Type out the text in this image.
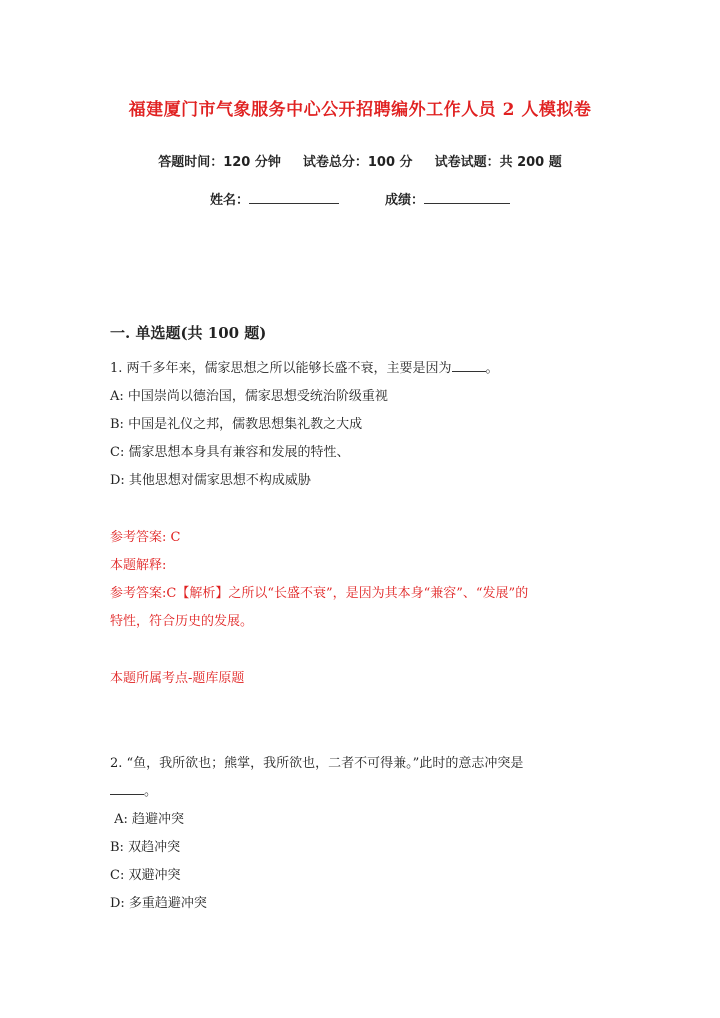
福建厦门市气象服务中心公开招聘编外工作人员 2 人模拟卷
答题时间：120 分钟 试卷总分：100 分 试卷试题：共 200 题
姓名：	成绩：
一. 单选题(共 100 题)
1. 两千多年来，儒家思想之所以能够长盛不衰，主要是因为	。
A: 中国崇尚以德治国，儒家思想受统治阶级重视
B: 中国是礼仪之邦，儒教思想集礼教之大成
C: 儒家思想本身具有兼容和发展的特性、
D: 其他思想对儒家思想不构成威胁
参考答案: C
本题解释:
参考答案:C【解析】之所以“长盛不衰”，是因为其本身“兼容”、“发展”的
特性，符合历史的发展。
本题所属考点-题库原题
2. “鱼，我所欲也；熊掌，我所欲也，二者不可得兼。”此时的意志冲突是
。
A: 趋避冲突
B: 双趋冲突
C: 双避冲突
D: 多重趋避冲突
